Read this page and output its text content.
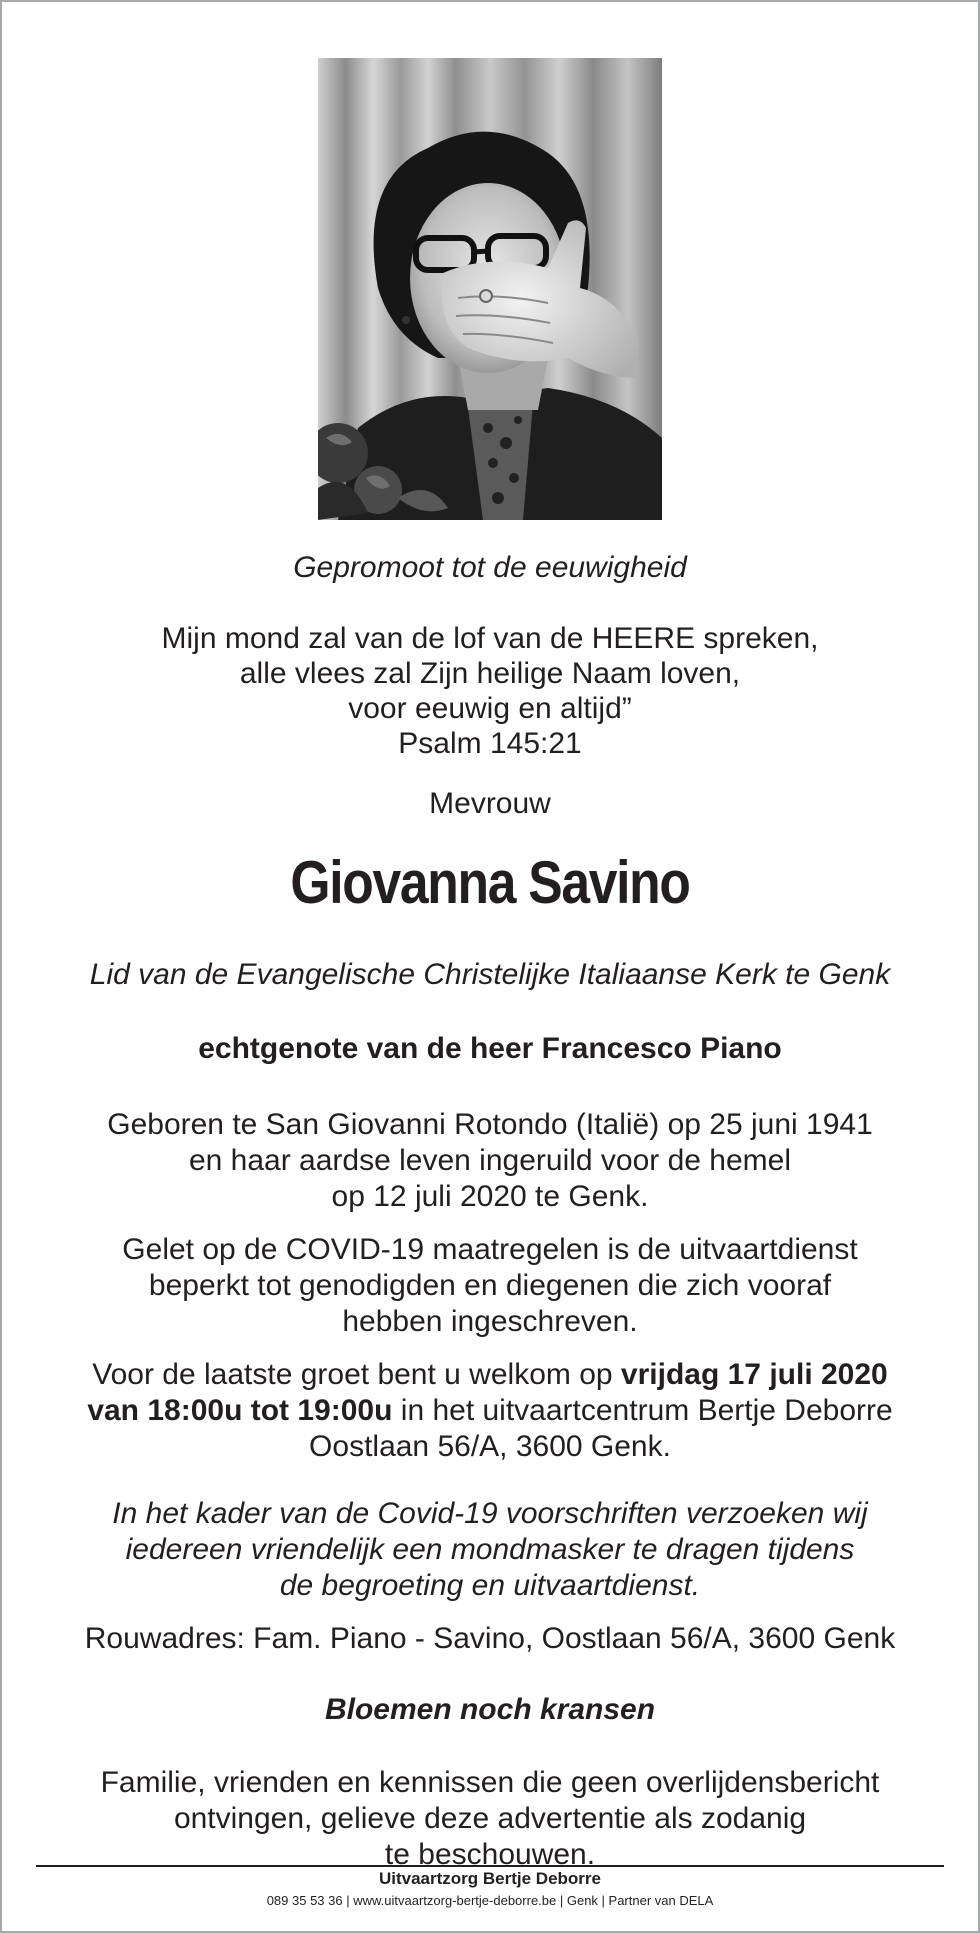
Gepromoot tot de eeuwigheid
Mijn mond zal van de lof van de HEERE spreken,
alle vlees zal Zijn heilige Naam loven,
voor eeuwig en altijd”
Psalm 145:21
Mevrouw
Giovanna Savino
Lid van de Evangelische Christelijke Italiaanse Kerk te Genk
echtgenote van de heer Francesco Piano
Geboren te San Giovanni Rotondo (Italië) op 25 juni 1941
en haar aardse leven ingeruild voor de hemel
op 12 juli 2020 te Genk.
Gelet op de COVID-19 maatregelen is de uitvaartdienst
beperkt tot genodigden en diegenen die zich vooraf
hebben ingeschreven.
Voor de laatste groet bent u welkom op vrijdag 17 juli 2020
van 18:00u tot 19:00u in het uitvaartcentrum Bertje Deborre
Oostlaan 56/A, 3600 Genk.
In het kader van de Covid-19 voorschriften verzoeken wij
iedereen vriendelijk een mondmasker te dragen tijdens
de begroeting en uitvaartdienst.
Rouwadres: Fam. Piano - Savino, Oostlaan 56/A, 3600 Genk
Bloemen noch kransen
Familie, vrienden en kennissen die geen overlijdensbericht
ontvingen, gelieve deze advertentie als zodanig
te beschouwen.
Uitvaartzorg Bertje Deborre
089 35 53 36 | www.uitvaartzorg-bertje-deborre.be | Genk | Partner van DELA
